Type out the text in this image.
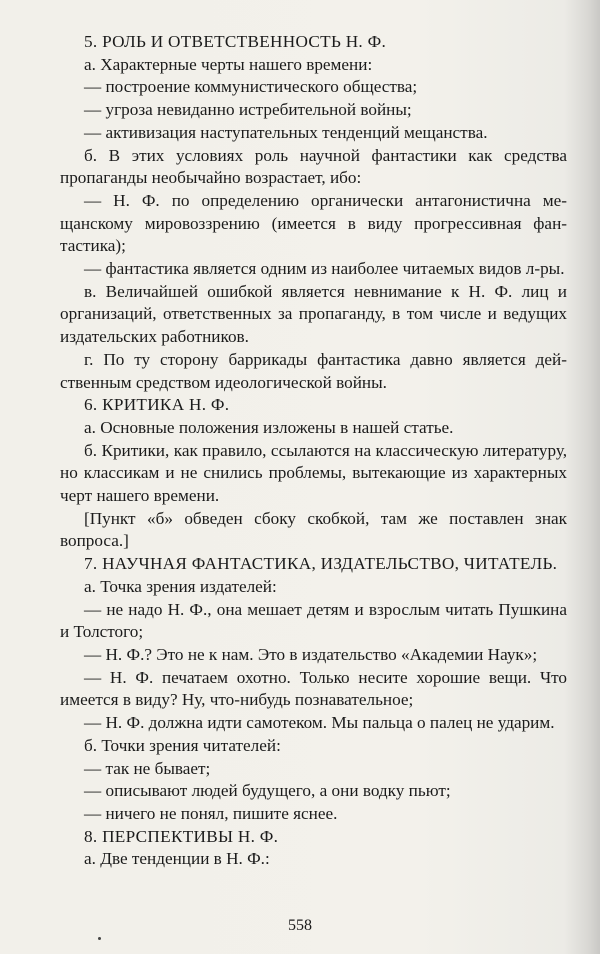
5. РОЛЬ И ОТВЕТСТВЕННОСТЬ Н. Ф.

а. Характерные черты нашего времени:

— построение коммунистического общества;

— угроза невиданно истребительной войны;

— активизация наступательных тенденций мещанства.

б. В этих условиях роль научной фантастики как средства пропаганды необычайно возрастает, ибо:

— Н. Ф. по определению органически антагонистична мещанскому мировоззрению (имеется в виду прогрессивная фантастика);

— фантастика является одним из наиболее читаемых видов л-ры.

в. Величайшей ошибкой является невнимание к Н. Ф. лиц и организаций, ответственных за пропаганду, в том числе и ведущих издательских работников.

г. По ту сторону баррикады фантастика давно является действенным средством идеологической войны.

6. КРИТИКА Н. Ф.

а. Основные положения изложены в нашей статье.

б. Критики, как правило, ссылаются на классическую литературу, но классикам и не снились проблемы, вытекающие из характерных черт нашего времени.

[Пункт «б» обведен сбоку скобкой, там же поставлен знак вопроса.]

7. НАУЧНАЯ ФАНТАСТИКА, ИЗДАТЕЛЬСТВО, ЧИТАТЕЛЬ.

а. Точка зрения издателей:

— не надо Н. Ф., она мешает детям и взрослым читать Пушкина и Толстого;

— Н. Ф.? Это не к нам. Это в издательство «Академии Наук»;

— Н. Ф. печатаем охотно. Только несите хорошие вещи. Что имеется в виду? Ну, что-нибудь познавательное;

— Н. Ф. должна идти самотеком. Мы пальца о палец не ударим.

б. Точки зрения читателей:

— так не бывает;

— описывают людей будущего, а они водку пьют;

— ничего не понял, пишите яснее.

8. ПЕРСПЕКТИВЫ Н. Ф.

а. Две тенденции в Н. Ф.:

558
